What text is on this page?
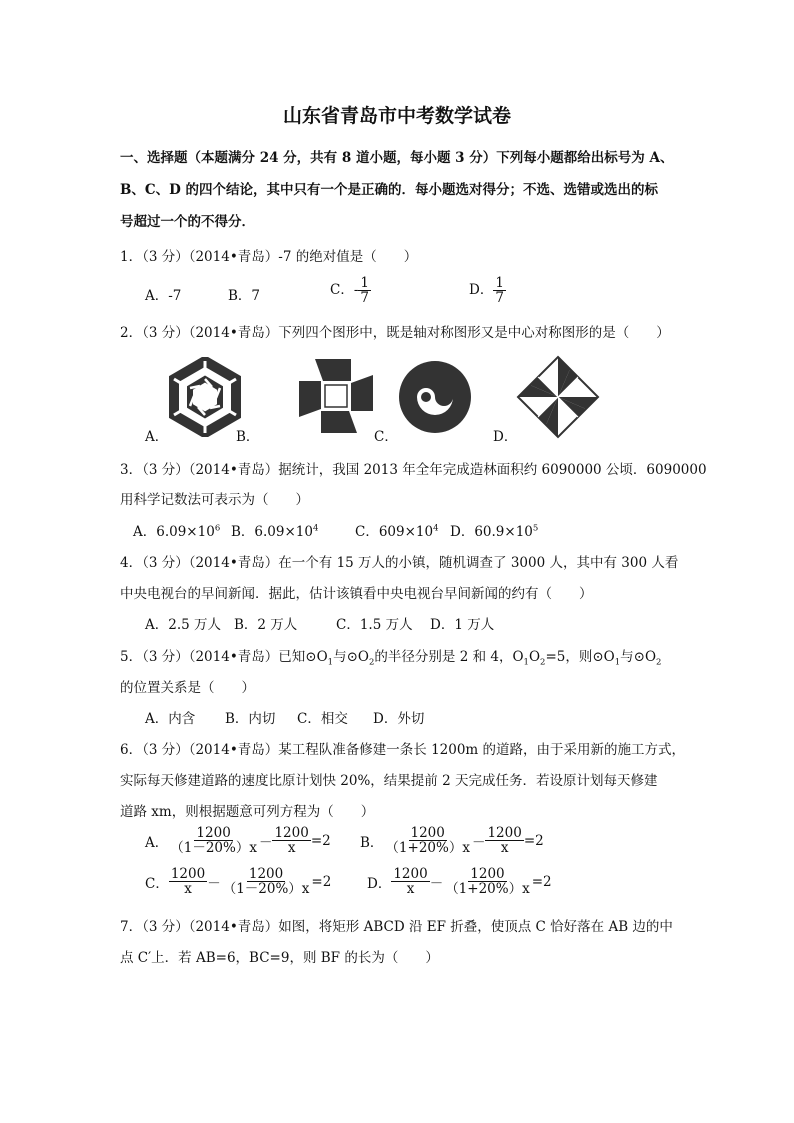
山东省青岛市中考数学试卷
一、选择题（本题满分 24 分，共有 8 道小题，每小题 3 分）下列每小题都给出标号为 A、
B、C、D 的四个结论，其中只有一个是正确的．每小题选对得分；不选、选错或选出的标
号超过一个的不得分．
1．（3 分）（2014•青岛）-7 的绝对值是（　　）
A．-7	B．7	C．- $\frac{1}{7}$	D． $\frac{1}{7}$
2．（3 分）（2014•青岛）下列四个图形中，既是轴对称图形又是中心对称图形的是（　　）
A．	B．	C．	D．
3．（3 分）（2014•青岛）据统计，我国 2013 年全年完成造林面积约 6090000 公顷．6090000
用科学记数法可表示为（　　）
A．$6.09\times 10^6$ B．$6.09\times 10^4$	C．$609\times 10^4$ D．$60.9\times 10^5$
4．（3 分）（2014•青岛）在一个有 15 万人的小镇，随机调查了 3000 人，其中有 300 人看
中央电视台的早间新闻．据此，估计该镇看中央电视台早间新闻的约有（　　）
A．2.5 万人 B．2 万人	C．1.5 万人 D．1 万人
5．（3 分）（2014•青岛）已知$⊙O_1$与$⊙O_2$的半径分别是 2 和 4，$O_1O_2=5$，则$⊙O_1$与$⊙O_2$
的位置关系是（　　）
A．内含 B．内切 C．相交 D．外切
6．（3 分）（2014•青岛）某工程队准备修建一条长 1200m 的道路，由于采用新的施工方式，
实际每天修建道路的速度比原计划快 20%，结果提前 2 天完成任务．若设原计划每天修建
道路 xm，则根据题意可列方程为（　　）
A． $\frac{1200}{(1-20\%)x} - \frac{1200}{x} =2$ B． $\frac{1200}{(1+20\%)x} - \frac{1200}{x} =2$
C． $\frac{1200}{x} - \frac{1200}{(1-20\%)x} =2$	D． $\frac{1200}{x} - \frac{1200}{(1+20\%)x} =2$
7．（3 分）（2014•青岛）如图，将矩形 ABCD 沿 EF 折叠，使顶点 C 恰好落在 AB 边的中
点 C′上．若 AB=6，BC=9，则 BF 的长为（　　）
